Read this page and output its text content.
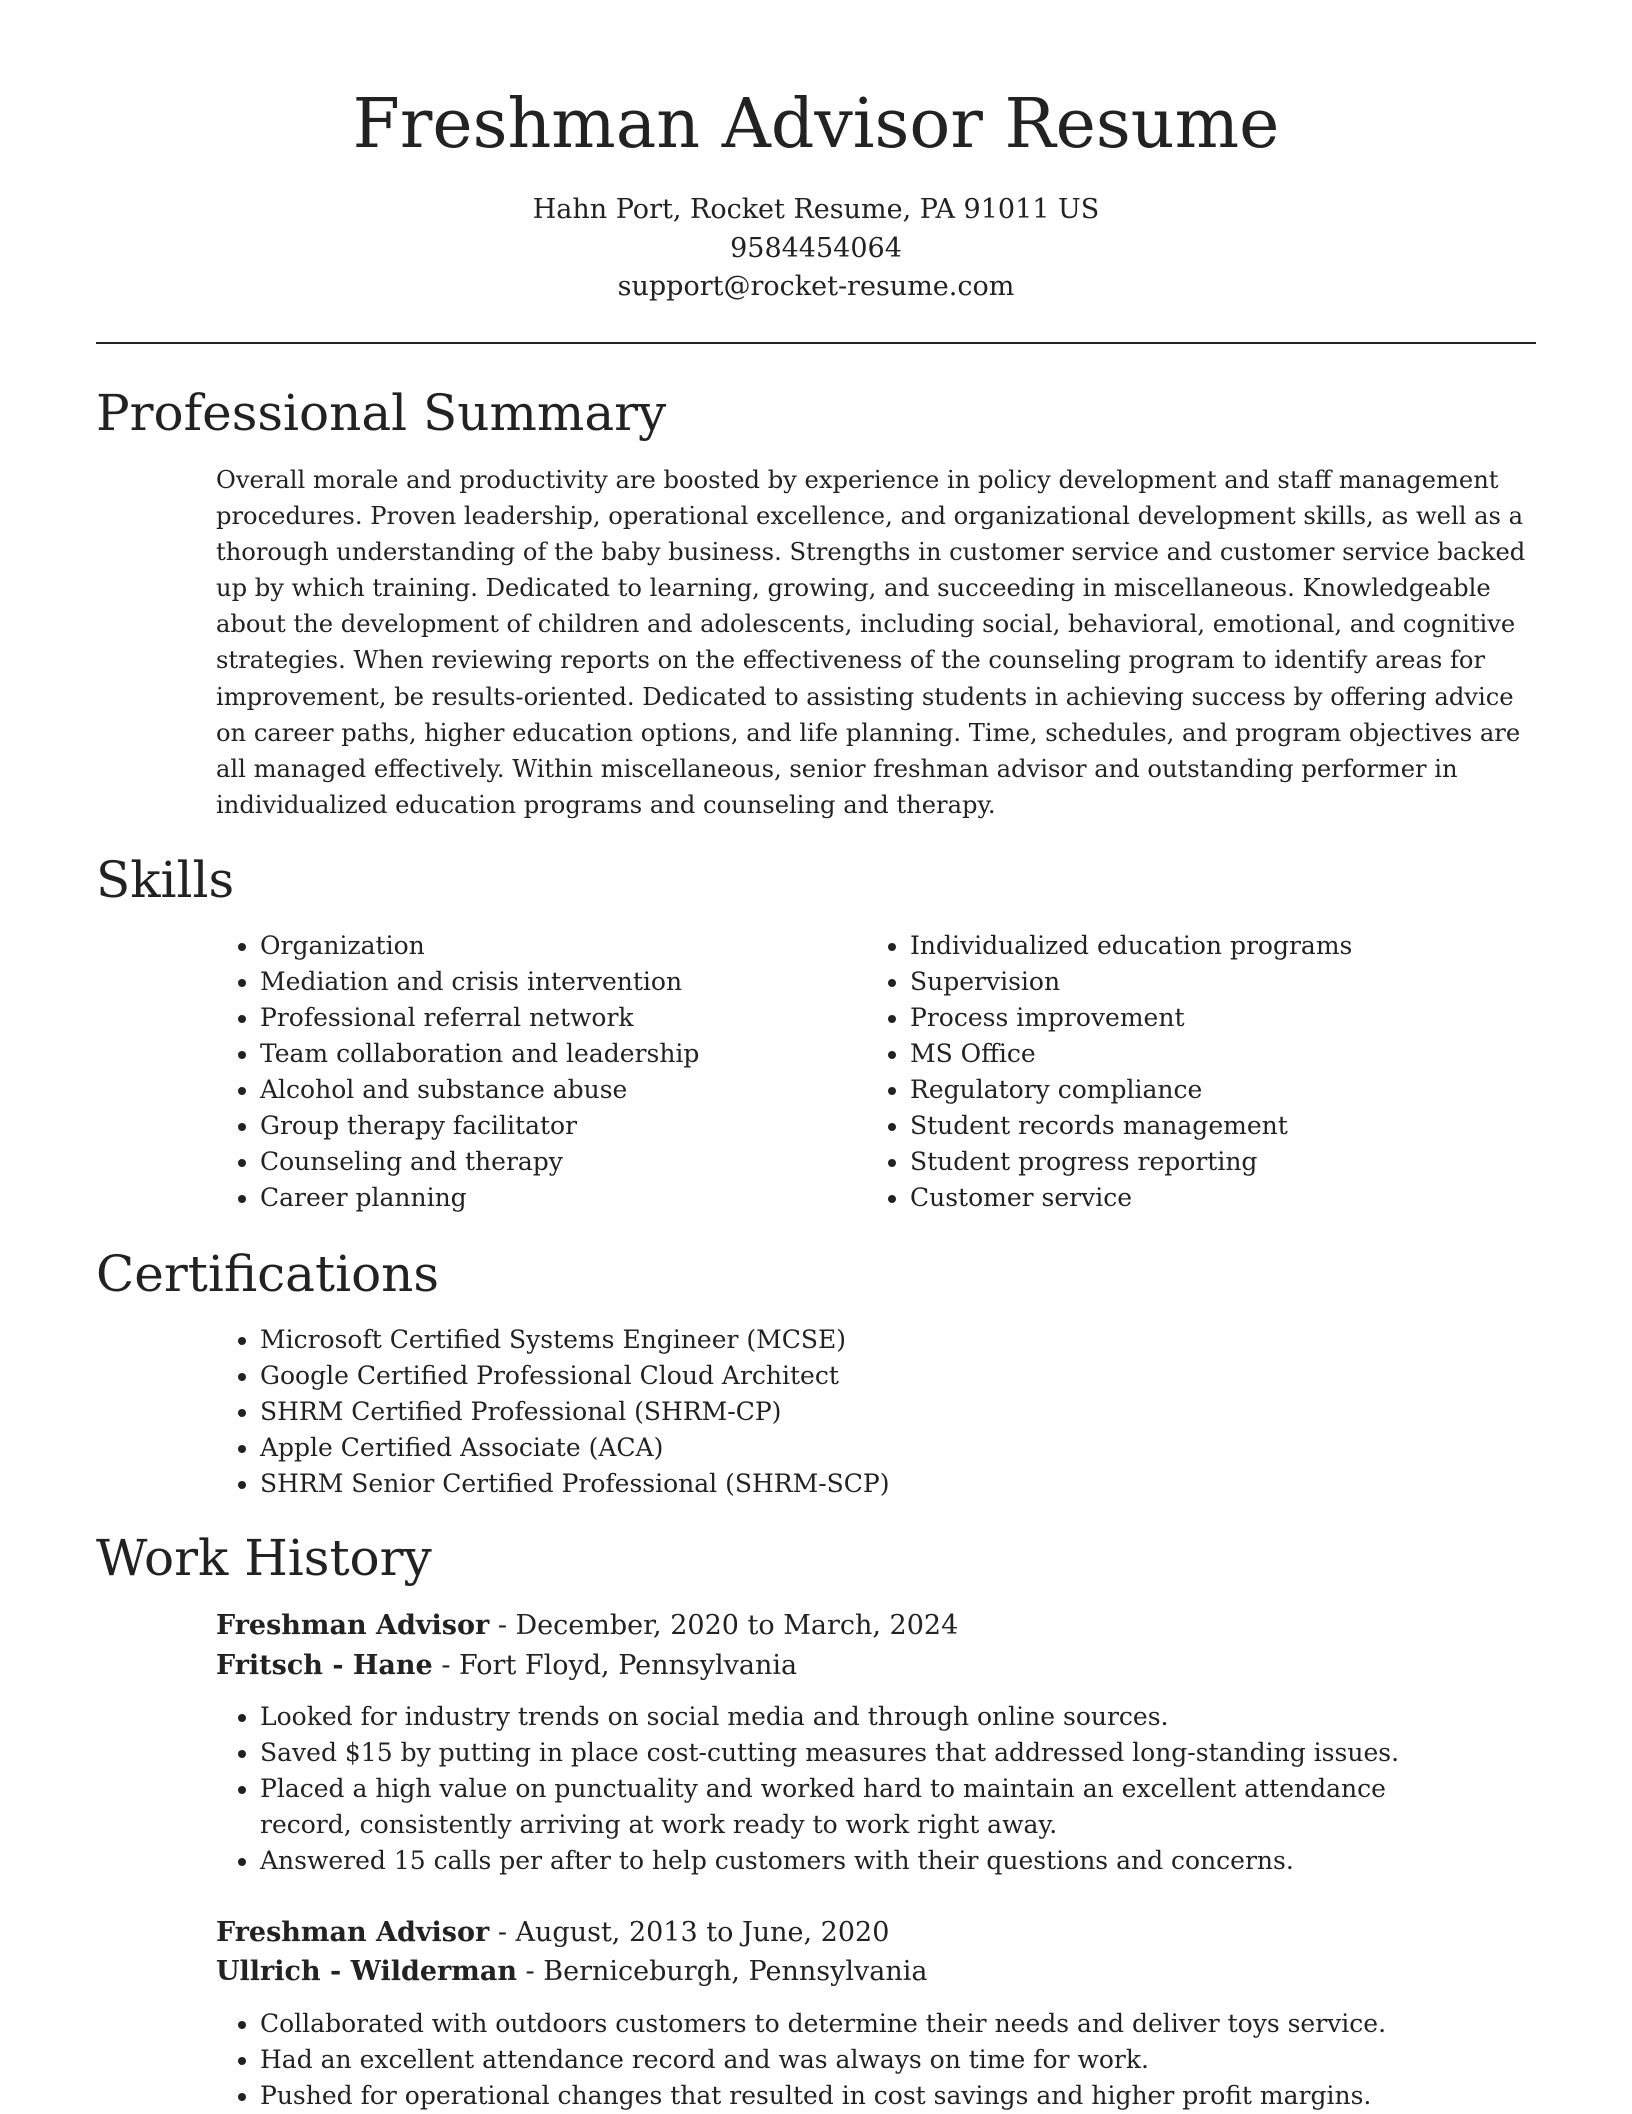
Freshman Advisor Resume
Hahn Port, Rocket Resume, PA 91011 US
9584454064
support@rocket-resume.com
Professional Summary

Overall morale and productivity are boosted by experience in policy development and staff management procedures. Proven leadership, operational excellence, and organizational development skills, as well as a thorough understanding of the baby business. Strengths in customer service and customer service backed up by which training. Dedicated to learning, growing, and succeeding in miscellaneous. Knowledgeable about the development of children and adolescents, including social, behavioral, emotional, and cognitive strategies. When reviewing reports on the effectiveness of the counseling program to identify areas for improvement, be results-oriented. Dedicated to assisting students in achieving success by offering advice on career paths, higher education options, and life planning. Time, schedules, and program objectives are all managed effectively. Within miscellaneous, senior freshman advisor and outstanding performer in individualized education programs and counseling and therapy.

Skills
• Organization
• Mediation and crisis intervention
• Professional referral network
• Team collaboration and leadership
• Alcohol and substance abuse
• Group therapy facilitator
• Counseling and therapy
• Career planning
• Individualized education programs
• Supervision
• Process improvement
• MS Office
• Regulatory compliance
• Student records management
• Student progress reporting
• Customer service
Certifications
• Microsoft Certified Systems Engineer (MCSE)
• Google Certified Professional Cloud Architect
• SHRM Certified Professional (SHRM-CP)
• Apple Certified Associate (ACA)
• SHRM Senior Certified Professional (SHRM-SCP)
Work History
Freshman Advisor - December, 2020 to March, 2024
Fritsch - Hane - Fort Floyd, Pennsylvania
• Looked for industry trends on social media and through online sources.
• Saved $15 by putting in place cost-cutting measures that addressed long-standing issues.
• Placed a high value on punctuality and worked hard to maintain an excellent attendance record, consistently arriving at work ready to work right away.
• Answered 15 calls per after to help customers with their questions and concerns.
Freshman Advisor - August, 2013 to June, 2020
Ullrich - Wilderman - Berniceburgh, Pennsylvania
• Collaborated with outdoors customers to determine their needs and deliver toys service.
• Had an excellent attendance record and was always on time for work.
• Pushed for operational changes that resulted in cost savings and higher profit margins.
